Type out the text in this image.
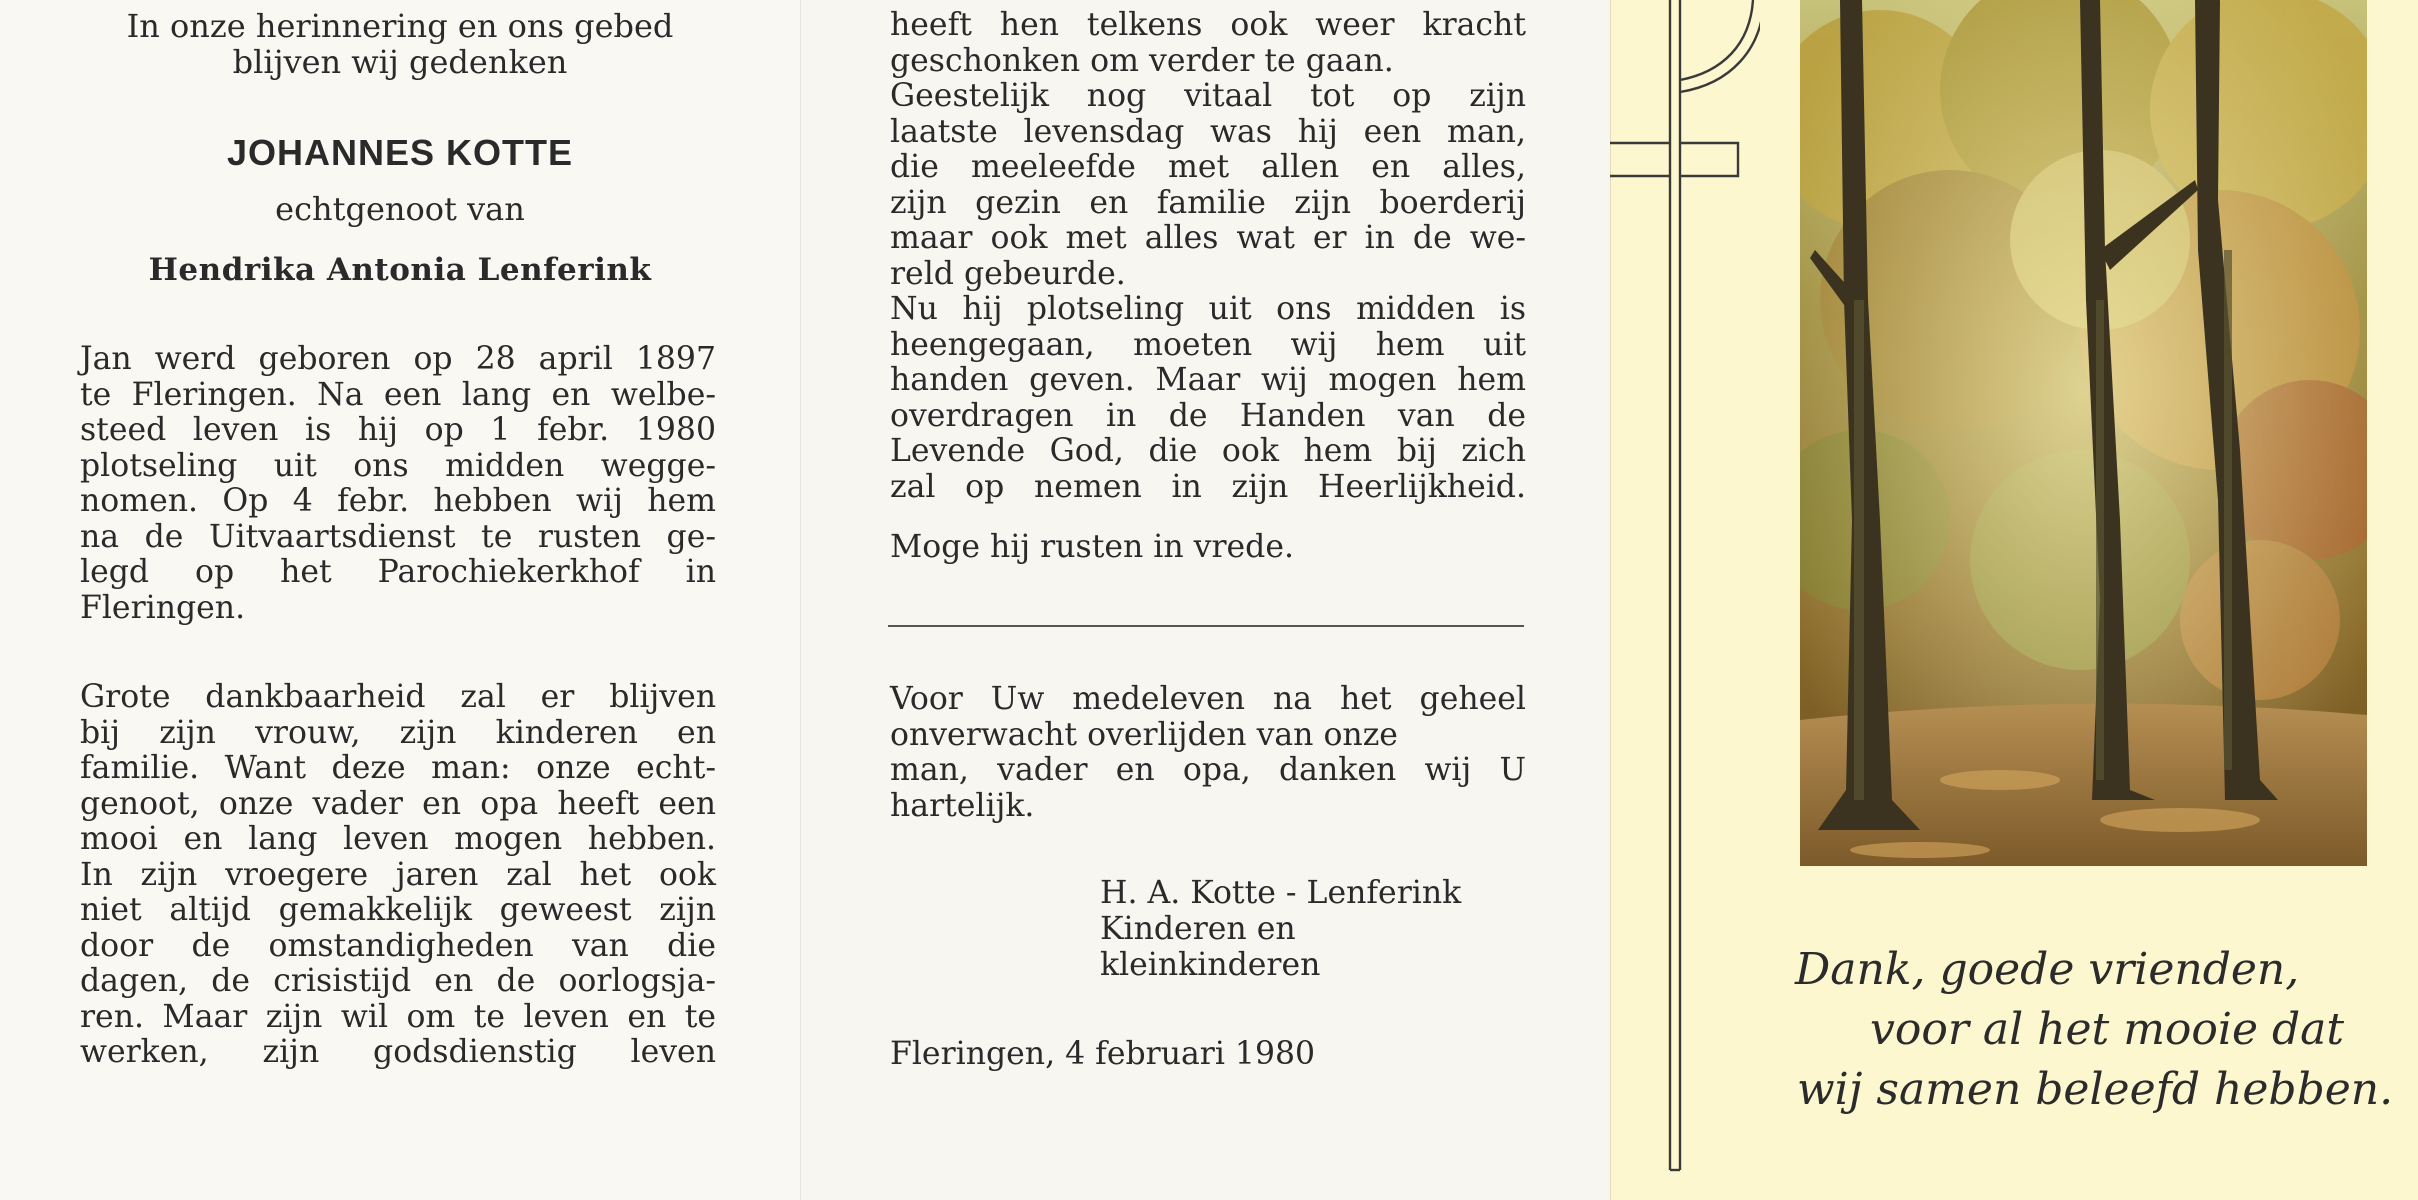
In onze herinnering en ons gebed
blijven wij gedenken
JOHANNES KOTTE
echtgenoot van
Hendrika Antonia Lenferink
Jan werd geboren op 28 april 1897
te Fleringen. Na een lang en welbe-
steed leven is hij op 1 febr. 1980
plotseling uit ons midden wegge-
nomen. Op 4 febr. hebben wij hem
na de Uitvaartsdienst te rusten ge-
legd op het Parochiekerkhof in
Fleringen.
Grote dankbaarheid zal er blijven
bij zijn vrouw, zijn kinderen en
familie. Want deze man: onze echt-
genoot, onze vader en opa heeft een
mooi en lang leven mogen hebben.
In zijn vroegere jaren zal het ook
niet altijd gemakkelijk geweest zijn
door de omstandigheden van die
dagen, de crisistijd en de oorlogsja-
ren. Maar zijn wil om te leven en te
werken, zijn godsdienstig leven
heeft hen telkens ook weer kracht
geschonken om verder te gaan.
Geestelijk nog vitaal tot op zijn
laatste levensdag was hij een man,
die meeleefde met allen en alles,
zijn gezin en familie zijn boerderij
maar ook met alles wat er in de we-
reld gebeurde.
Nu hij plotseling uit ons midden is
heengegaan, moeten wij hem uit
handen geven. Maar wij mogen hem
overdragen in de Handen van de
Levende God, die ook hem bij zich
zal op nemen in zijn Heerlijkheid.
Moge hij rusten in vrede.
Voor Uw medeleven na het geheel
onverwacht overlijden van onze
man, vader en opa, danken wij U
hartelijk.
H. A. Kotte - Lenferink
Kinderen en
kleinkinderen
Fleringen, 4 februari 1980
Dank, goede vrienden,
voor al het mooie dat
wij samen beleefd hebben.
